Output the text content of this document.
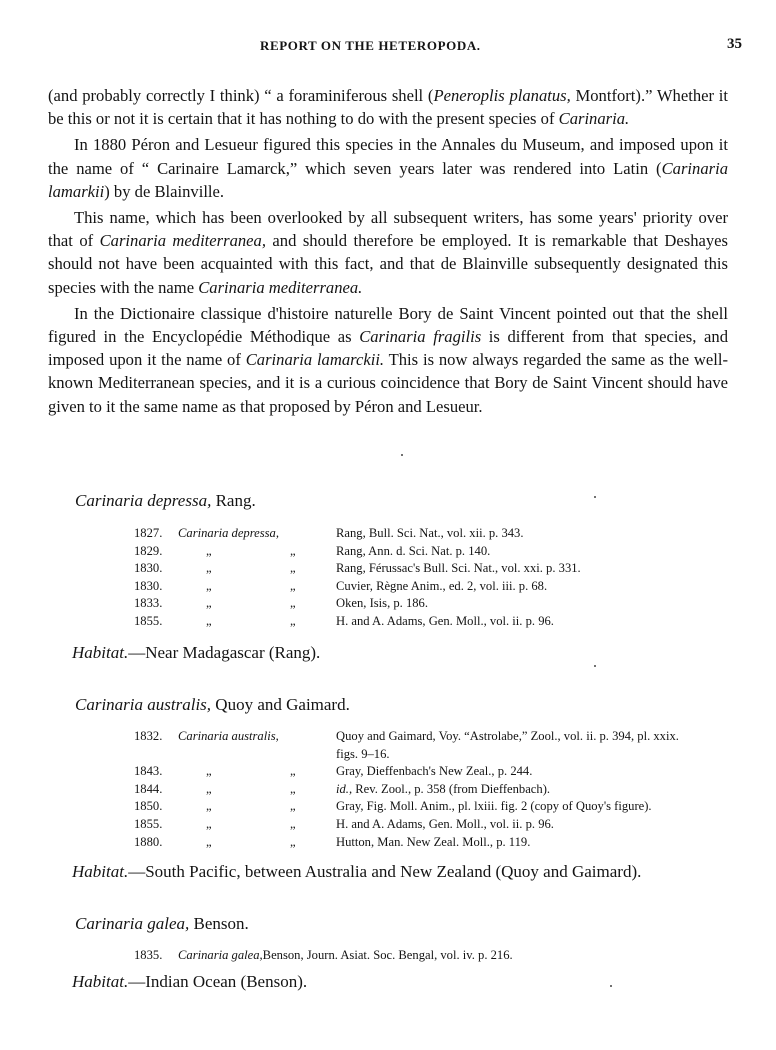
REPORT ON THE HETEROPODA.	35

(and probably correctly I think) “ a foraminiferous shell (Peneroplis planatus, Montfort).” Whether it be this or not it is certain that it has nothing to do with the present species of Carinaria.

In 1880 Péron and Lesueur figured this species in the Annales du Museum, and imposed upon it the name of “ Carinaire Lamarck,” which seven years later was rendered into Latin (Carinaria lamarkii) by de Blainville.

This name, which has been overlooked by all subsequent writers, has some years' priority over that of Carinaria mediterranea, and should therefore be employed. It is remarkable that Deshayes should not have been acquainted with this fact, and that de Blainville subsequently designated this species with the name Carinaria mediterranea.

In the Dictionaire classique d'histoire naturelle Bory de Saint Vincent pointed out that the shell figured in the Encyclopédie Méthodique as Carinaria fragilis is different from that species, and imposed upon it the name of Carinaria lamarckii. This is now always regarded the same as the well-known Mediterranean species, and it is a curious coincidence that Bory de Saint Vincent should have given to it the same name as that proposed by Péron and Lesueur.

Carinaria depressa, Rang.
1827.	Carinaria depressa,		Rang, Bull. Sci. Nat., vol. xii. p. 343.
1829.	„	„	Rang, Ann. d. Sci. Nat. p. 140.
1830.	„	„	Rang, Férussac's Bull. Sci. Nat., vol. xxi. p. 331.
1830.	„	„	Cuvier, Règne Anim., ed. 2, vol. iii. p. 68.
1833.	„	„	Oken, Isis, p. 186.
1855.	„	„	H. and A. Adams, Gen. Moll., vol. ii. p. 96.
Habitat.—Near Madagascar (Rang).
Carinaria australis, Quoy and Gaimard.
1832.	Carinaria australis,		Quoy and Gaimard, Voy. “Astrolabe,” Zool., vol. ii. p. 394, pl. xxix.
			figs. 9–16.
1843.	„	„	Gray, Dieffenbach's New Zeal., p. 244.
1844.	„	„	id., Rev. Zool., p. 358 (from Dieffenbach).
1850.	„	„	Gray, Fig. Moll. Anim., pl. lxiii. fig. 2 (copy of Quoy's figure).
1855.	„	„	H. and A. Adams, Gen. Moll., vol. ii. p. 96.
1880.	„	„	Hutton, Man. New Zeal. Moll., p. 119.
Habitat.—South Pacific, between Australia and New Zealand (Quoy and Gaimard).
Carinaria galea, Benson.
1835.	Carinaria galea,	Benson, Journ. Asiat. Soc. Bengal, vol. iv. p. 216.
Habitat.—Indian Ocean (Benson).
